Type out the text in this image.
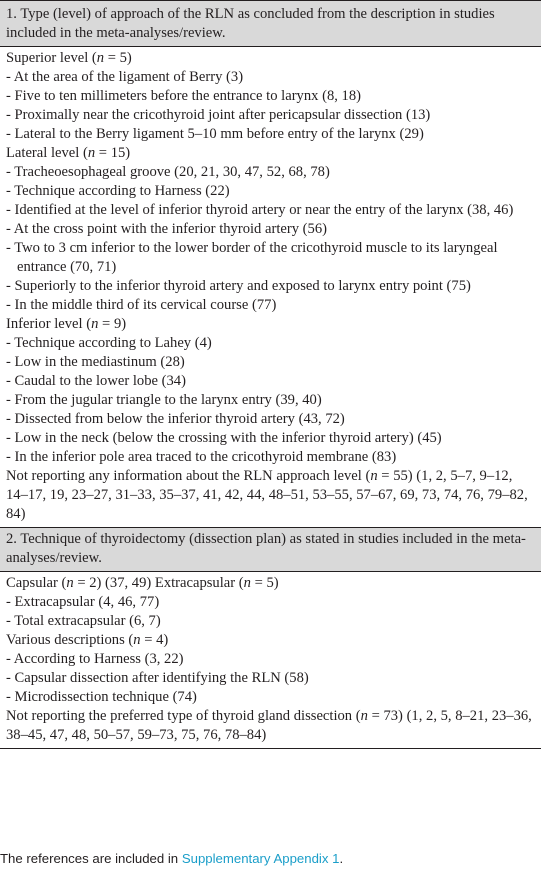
1. Type (level) of approach of the RLN as concluded from the description in studies included in the meta-analyses/review.
Superior level (n = 5)
- At the area of the ligament of Berry (3)
- Five to ten millimeters before the entrance to larynx (8, 18)
- Proximally near the cricothyroid joint after pericapsular dissection (13)
- Lateral to the Berry ligament 5–10 mm before entry of the larynx (29)
Lateral level (n = 15)
- Tracheoesophageal groove (20, 21, 30, 47, 52, 68, 78)
- Technique according to Harness (22)
- Identified at the level of inferior thyroid artery or near the entry of the larynx (38, 46)
- At the cross point with the inferior thyroid artery (56)
- Two to 3 cm inferior to the lower border of the cricothyroid muscle to its laryngeal entrance (70, 71)
- Superiorly to the inferior thyroid artery and exposed to larynx entry point (75)
- In the middle third of its cervical course (77)
Inferior level (n = 9)
- Technique according to Lahey (4)
- Low in the mediastinum (28)
- Caudal to the lower lobe (34)
- From the jugular triangle to the larynx entry (39, 40)
- Dissected from below the inferior thyroid artery (43, 72)
- Low in the neck (below the crossing with the inferior thyroid artery) (45)
- In the inferior pole area traced to the cricothyroid membrane (83)
Not reporting any information about the RLN approach level (n = 55) (1, 2, 5–7, 9–12, 14–17, 19, 23–27, 31–33, 35–37, 41, 42, 44, 48–51, 53–55, 57–67, 69, 73, 74, 76, 79–82, 84)
2. Technique of thyroidectomy (dissection plan) as stated in studies included in the meta-analyses/review.
Capsular (n = 2) (37, 49) Extracapsular (n = 5)
- Extracapsular (4, 46, 77)
- Total extracapsular (6, 7)
Various descriptions (n = 4)
- According to Harness (3, 22)
- Capsular dissection after identifying the RLN (58)
- Microdissection technique (74)
Not reporting the preferred type of thyroid gland dissection (n = 73) (1, 2, 5, 8–21, 23–36, 38–45, 47, 48, 50–57, 59–73, 75, 76, 78–84)
The references are included in Supplementary Appendix 1.
